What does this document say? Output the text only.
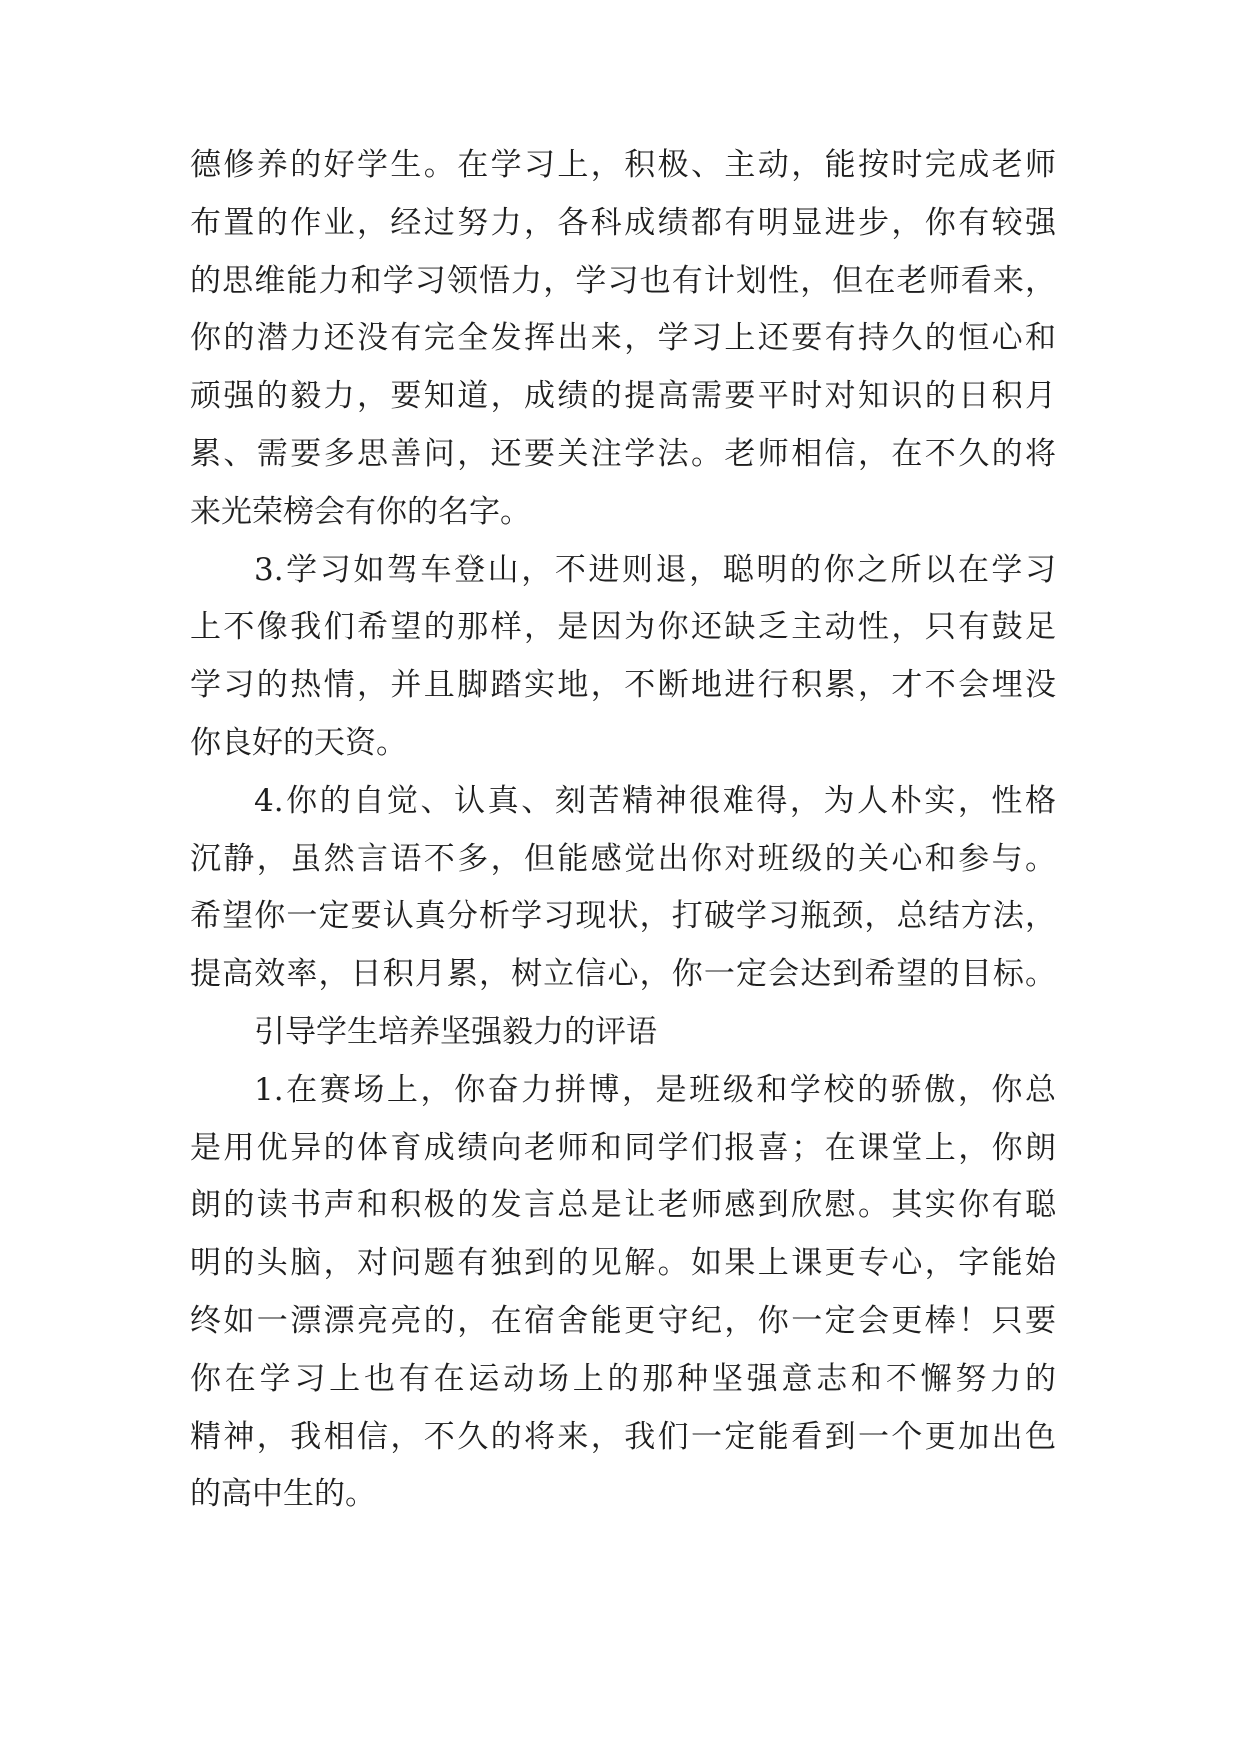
德修养的好学生。在学习上，积极、主动，能按时完成老师
布置的作业，经过努力，各科成绩都有明显进步，你有较强
的思维能力和学习领悟力，学习也有计划性，但在老师看来，
你的潜力还没有完全发挥出来，学习上还要有持久的恒心和
顽强的毅力，要知道，成绩的提高需要平时对知识的日积月
累、需要多思善问，还要关注学法。老师相信，在不久的将
来光荣榜会有你的名字。
3.学习如驾车登山，不进则退，聪明的你之所以在学习
上不像我们希望的那样，是因为你还缺乏主动性，只有鼓足
学习的热情，并且脚踏实地，不断地进行积累，才不会埋没
你良好的天资。
4.你的自觉、认真、刻苦精神很难得，为人朴实，性格
沉静，虽然言语不多，但能感觉出你对班级的关心和参与。
希望你一定要认真分析学习现状，打破学习瓶颈，总结方法，
提高效率，日积月累，树立信心，你一定会达到希望的目标。
引导学生培养坚强毅力的评语
1.在赛场上，你奋力拼博，是班级和学校的骄傲，你总
是用优异的体育成绩向老师和同学们报喜；在课堂上，你朗
朗的读书声和积极的发言总是让老师感到欣慰。其实你有聪
明的头脑，对问题有独到的见解。如果上课更专心，字能始
终如一漂漂亮亮的，在宿舍能更守纪，你一定会更棒！只要
你在学习上也有在运动场上的那种坚强意志和不懈努力的
精神，我相信，不久的将来，我们一定能看到一个更加出色
的高中生的。
